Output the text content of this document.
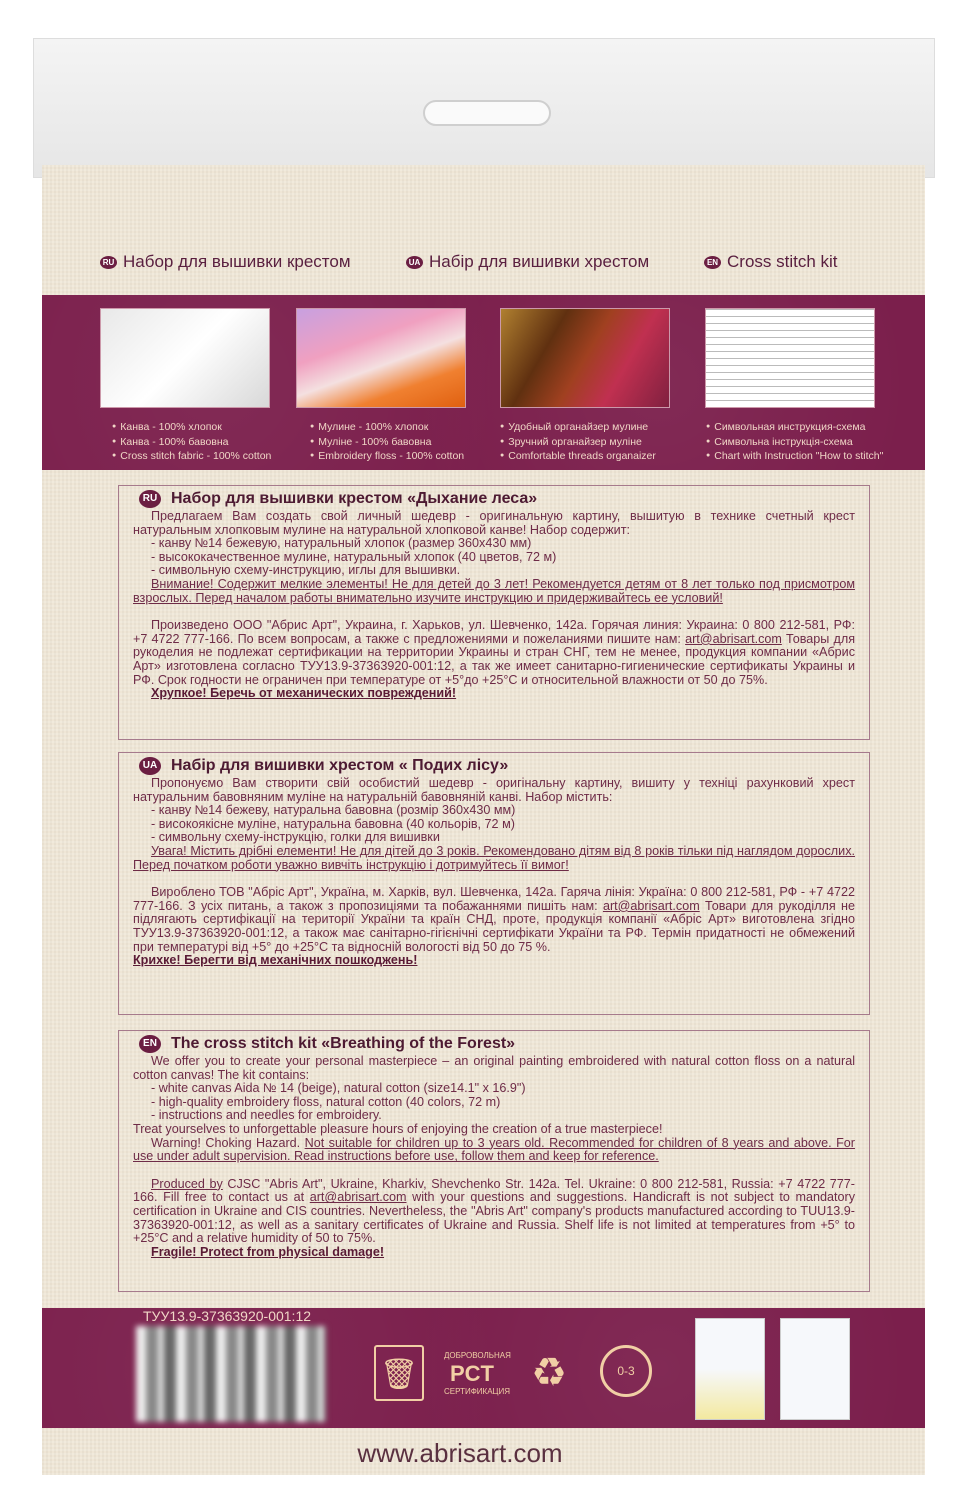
RU Набор для вышивки крестом	UA Набір для вишивки хрестом	EN Cross stitch kit
● Канва - 100% хлопок
● Канва - 100% бавовна
● Cross stitch fabric - 100% cotton
● Мулине - 100% хлопок
● Муліне - 100% бавовна
● Embroidery floss - 100% cotton
● Удобный органайзер мулине
● Зручний органайзер муліне
● Comfortable threads organaizer
● Символьная инструкция-схема
● Символьна інструкція-схема
● Chart with Instruction "How to stitch"
RU Набор для вышивки крестом «Дыхание леса»
Предлагаем Вам создать свой личный шедевр - оригинальную картину, вышитую в технике счетный крест натуральным хлопковым мулине на натуральной хлопковой канве! Набор содержит:
- канву №14 бежевую, натуральный хлопок (размер 360х430 мм)
- высококачественное мулине, натуральный хлопок (40 цветов, 72 м)
- символьную схему-инструкцию, иглы для вышивки.
Внимание! Содержит мелкие элементы! Не для детей до 3 лет! Рекомендуется детям от 8 лет только под присмотром взрослых. Перед началом работы внимательно изучите инструкцию и придерживайтесь ее условий!
Произведено ООО "Абрис Арт", Украина, г. Харьков, ул. Шевченко, 142а. Горячая линия: Украина: 0 800 212-581, РФ: +7 4722 777-166. По всем вопросам, а также с предложениями и пожеланиями пишите нам: art@abrisart.com Товары для рукоделия не подлежат сертификации на территории Украины и стран СНГ, тем не менее, продукция компании «Абрис Арт» изготовлена согласно ТУУ13.9-37363920-001:12, а так же имеет санитарно-гигиенические сертификаты Украины и РФ. Срок годности не ограничен при температуре от +5°до +25°С и относительной влажности от 50 до 75%.
Хрупкое! Беречь от механических повреждений!
UA Набір для вишивки хрестом « Подих лісу»
Пропонуємо Вам створити свій особистий шедевр - оригінальну картину, вишиту у техніці рахунковий хрест натуральним бавовняним муліне на натуральній бавовняній канві. Набор містить:
- канву №14 бежеву, натуральна бавовна (розмір 360х430 мм)
- високоякісне муліне, натуральна бавовна (40 кольорів, 72 м)
- символьну схему-інструкцію, голки для вишивки
Увага! Містить дрібні елементи! Не для дітей до 3 років. Рекомендовано дітям від 8 років тільки під наглядом дорослих. Перед початком роботи уважно вивчіть інструкцію і дотримуйтесь її вимог!
Вироблено ТОВ "Абріс Арт", Україна, м. Харків, вул. Шевченка, 142а. Гаряча лінія: Україна: 0 800 212-581, РФ - +7 4722 777-166. З усіх питань, а також з пропозиціями та побажаннями пишіть нам: art@abrisart.com Товари для рукоділля не підлягають сертифікації на території України та країн СНД, проте, продукція компанії «Абріс Арт» виготовлена згідно ТУУ13.9-37363920-001:12, а також має санітарно-гігієнічні сертифікати України та РФ. Термін придатності не обмежений при температурі від +5° до +25°С та відносній вологості від 50 до 75 %.
Крихке! Берегти від механічних пошкоджень!
EN The cross stitch kit «Breathing of the Forest»
We offer you to create your personal masterpiece – an original painting embroidered with natural cotton floss on a natural cotton canvas! The kit contains:
- white canvas Aida № 14 (beige), natural cotton (size14.1" x 16.9")
- high-quality embroidery floss, natural cotton (40 colors, 72 m)
- instructions and needles for embroidery.
Treat yourselves to unforgettable pleasure hours of enjoying the creation of a true masterpiece!
Warning! Choking Hazard. Not suitable for children up to 3 years old. Recommended for children of 8 years and above. For use under adult supervision. Read instructions before use, follow them and keep for reference.
Produced by CJSC "Abris Art", Ukraine, Kharkiv, Shevchenko Str. 142a. Tel. Ukraine: 0 800 212-581, Russia: +7 4722 777-166. Fill free to contact us at art@abrisart.com with your questions and suggestions. Handicraft is not subject to mandatory certification in Ukraine and CIS countries. Nevertheless, the "Abris Art" company's products manufactured according to TUU13.9-37363920-001:12, as well as a sanitary certificates of Ukraine and Russia. Shelf life is not limited at temperatures from +5° to +25°C and a relative humidity of 50 to 75%.
Fragile! Protect from physical damage!
ТУУ13.9-37363920-001:12
🗑
ДОБРОВОЛЬНАЯ
PCT
СЕРТИФИКАЦИЯ ♻	0-3
www.abrisart.com
